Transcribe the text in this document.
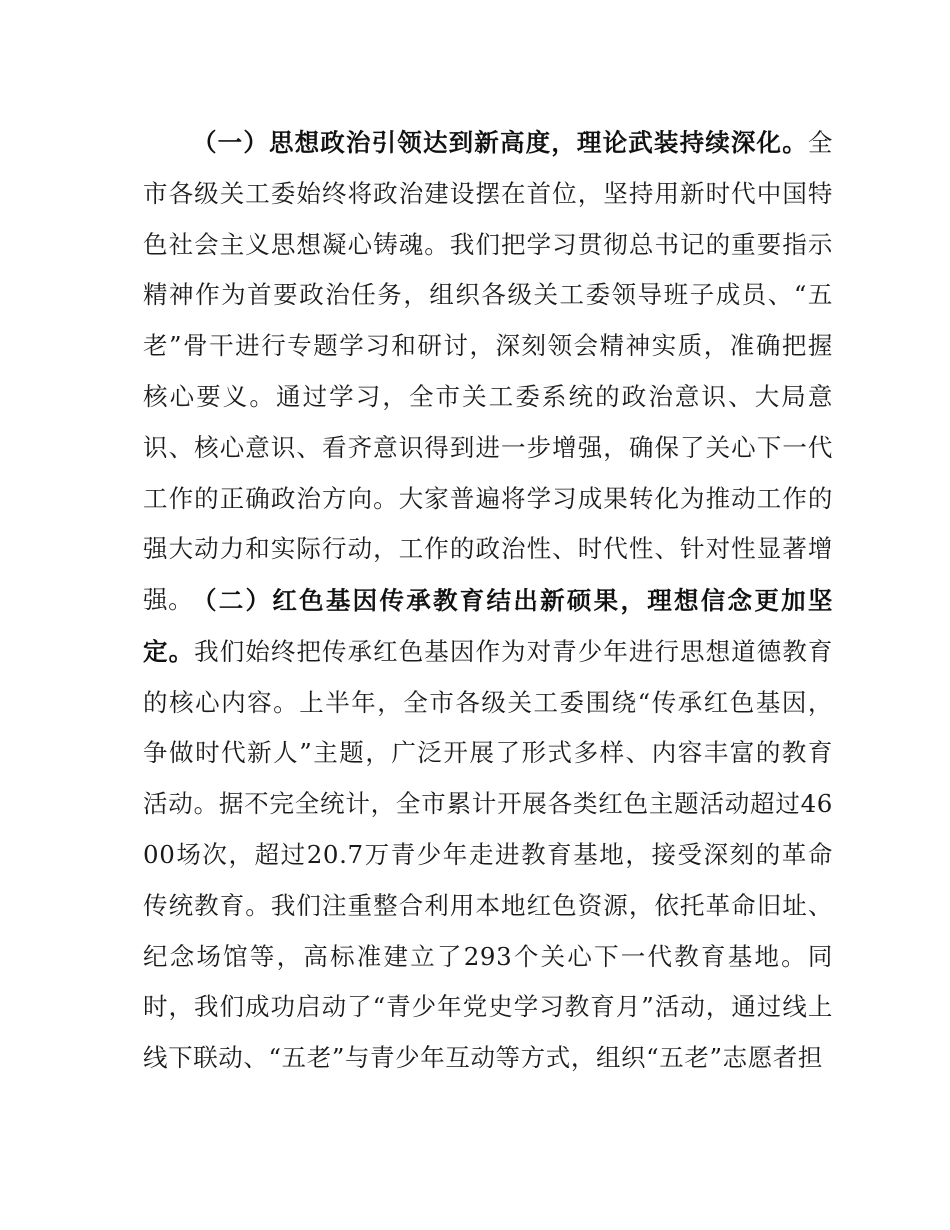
（一）思想政治引领达到新高度，理论武装持续深化。全市各级关工委始终将政治建设摆在首位，坚持用新时代中国特色社会主义思想凝心铸魂。我们把学习贯彻总书记的重要指示精神作为首要政治任务，组织各级关工委领导班子成员、“五老”骨干进行专题学习和研讨，深刻领会精神实质，准确把握核心要义。通过学习，全市关工委系统的政治意识、大局意识、核心意识、看齐意识得到进一步增强，确保了关心下一代工作的正确政治方向。大家普遍将学习成果转化为推动工作的强大动力和实际行动，工作的政治性、时代性、针对性显著增强。

（二）红色基因传承教育结出新硕果，理想信念更加坚定。我们始终把传承红色基因作为对青少年进行思想道德教育的核心内容。上半年，全市各级关工委围绕“传承红色基因，争做时代新人”主题，广泛开展了形式多样、内容丰富的教育活动。据不完全统计，全市累计开展各类红色主题活动超过4600场次，超过20.7万青少年走进教育基地，接受深刻的革命传统教育。我们注重整合利用本地红色资源，依托革命旧址、纪念场馆等，高标准建立了293个关心下一代教育基地。同时，我们成功启动了“青少年党史学习教育月”活动，通过线上线下联动、“五老”与青少年互动等方式，组织“五老”志愿者担
